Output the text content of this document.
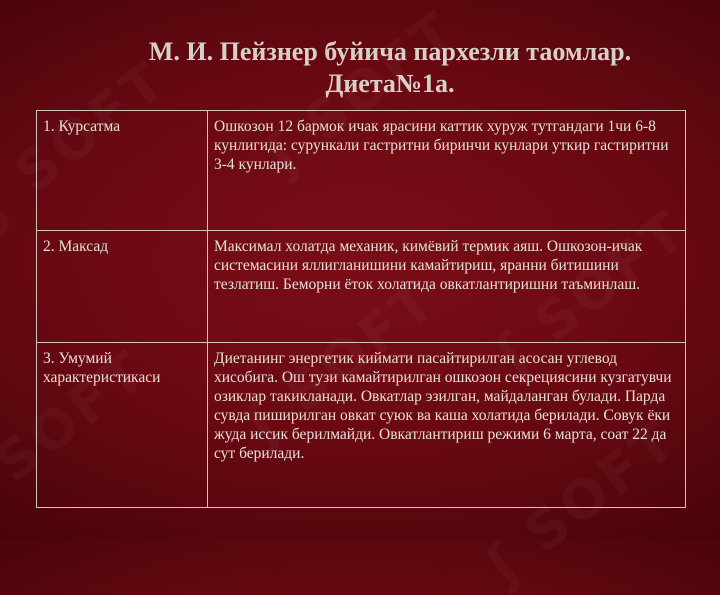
М. И. Пейзнер буйича пархезли таомлар.
Диета№1а.
1. Курсатма	Ошкозон 12 бармок ичак ярасини каттик хуруж тутгандаги 1чи 6-8 кунлигида: сурункали гастритни биринчи кунлари уткир гастиритни 3-4 кунлари.
2. Максад	Максимал холатда механик, кимёвий термик аяш. Ошкозон-ичак системасини яллигланишини камайтириш, яранни битишини тезлатиш. Беморни ёток холатида овкатлантиришни таъминлаш.
3. Умумий характеристикаси	Диетанинг энергетик киймати пасайтирилган асосан углевод хисобига. Ош тузи камайтирилган ошкозон секрециясини кузгатувчи озиклар такикланади. Овкатлар эзилган, майдаланган булади. Парда сувда пиширилган овкат суюк ва каша холатида берилади. Совук ёки жуда иссик берилмайди. Овкатлантириш режими 6 марта, соат 22 да сут берилади.
